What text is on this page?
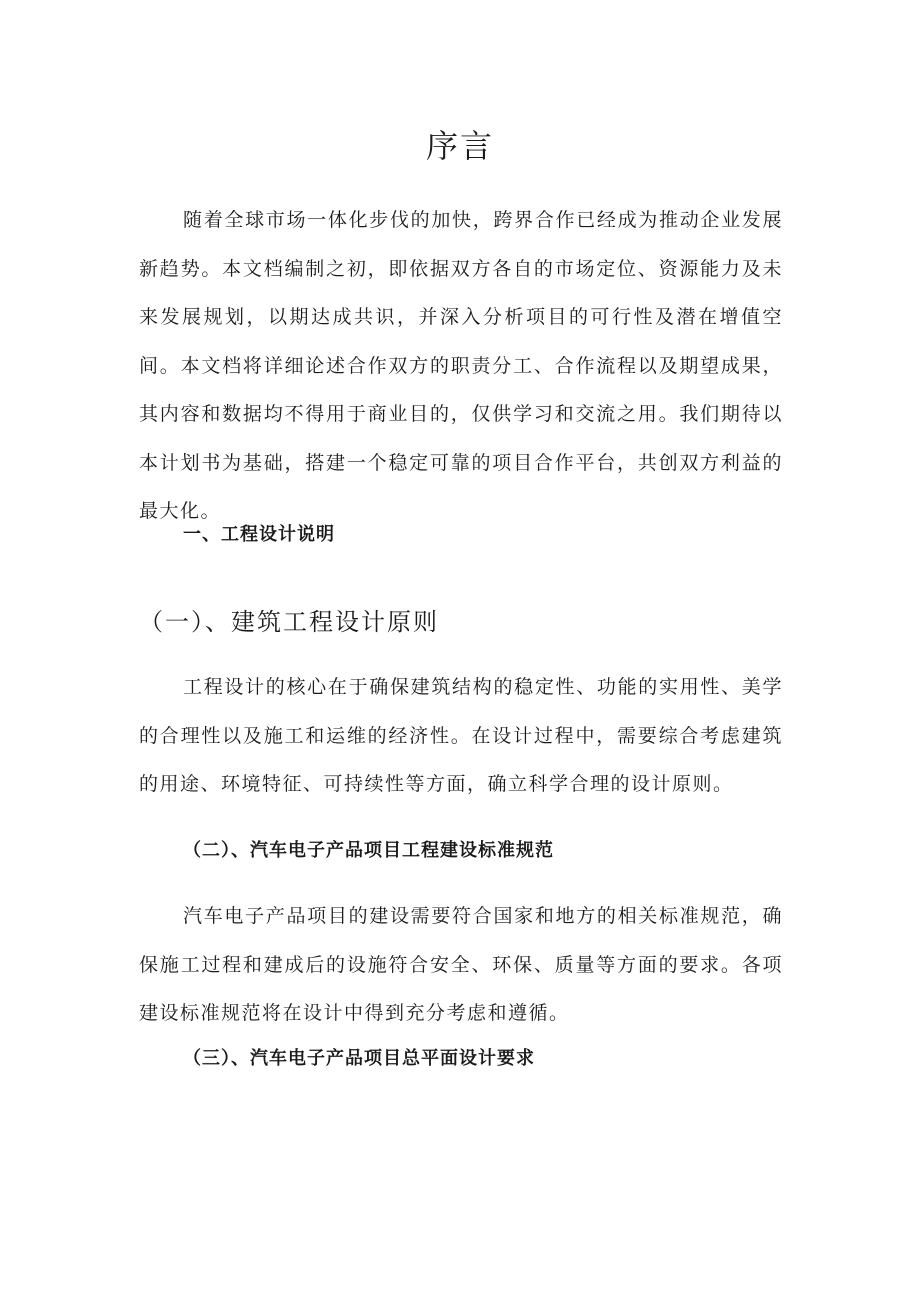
序言

随着全球市场一体化步伐的加快，跨界合作已经成为推动企业发展新趋势。本文档编制之初，即依据双方各自的市场定位、资源能力及未来发展规划，以期达成共识，并深入分析项目的可行性及潜在增值空间。本文档将详细论述合作双方的职责分工、合作流程以及期望成果，其内容和数据均不得用于商业目的，仅供学习和交流之用。我们期待以本计划书为基础，搭建一个稳定可靠的项目合作平台，共创双方利益的最大化。

一、工程设计说明
（一）、建筑工程设计原则

工程设计的核心在于确保建筑结构的稳定性、功能的实用性、美学的合理性以及施工和运维的经济性。在设计过程中，需要综合考虑建筑的用途、环境特征、可持续性等方面，确立科学合理的设计原则。

（二）、汽车电子产品项目工程建设标准规范

汽车电子产品项目的建设需要符合国家和地方的相关标准规范，确保施工过程和建成后的设施符合安全、环保、质量等方面的要求。各项建设标准规范将在设计中得到充分考虑和遵循。

（三）、汽车电子产品项目总平面设计要求
